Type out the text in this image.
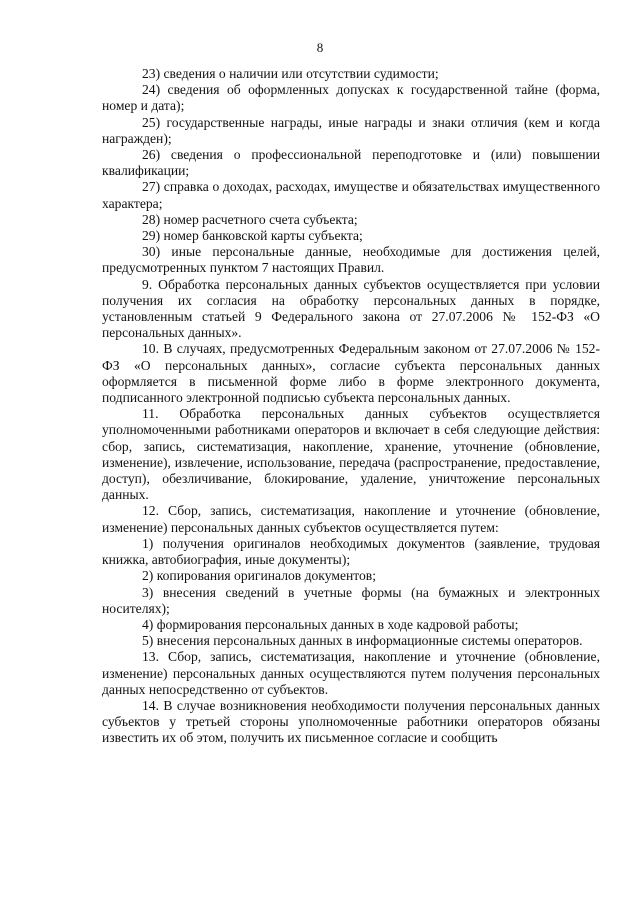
8

23) сведения о наличии или отсутствии судимости;

24) сведения об оформленных допусках к государственной тайне (форма, номер и дата);

25) государственные награды, иные награды и знаки отличия (кем и когда награжден);

26) сведения о профессиональной переподготовке и (или) повышении квалификации;

27) справка о доходах, расходах, имуществе и обязательствах имущественного характера;

28) номер расчетного счета субъекта;

29) номер банковской карты субъекта;

30) иные персональные данные, необходимые для достижения целей, предусмотренных пунктом 7 настоящих Правил.

9. Обработка персональных данных субъектов осуществляется при условии получения их согласия на обработку персональных данных в порядке, установленным статьей 9 Федерального закона от 27.07.2006 № 152-ФЗ «О персональных данных».

10. В случаях, предусмотренных Федеральным законом от 27.07.2006 № 152-ФЗ «О персональных данных», согласие субъекта персональных данных оформляется в письменной форме либо в форме электронного документа, подписанного электронной подписью субъекта персональных данных.

11. Обработка персональных данных субъектов осуществляется уполномоченными работниками операторов и включает в себя следующие действия: сбор, запись, систематизация, накопление, хранение, уточнение (обновление, изменение), извлечение, использование, передача (распространение, предоставление, доступ), обезличивание, блокирование, удаление, уничтожение персональных данных.

12. Сбор, запись, систематизация, накопление и уточнение (обновление, изменение) персональных данных субъектов осуществляется путем:

1) получения оригиналов необходимых документов (заявление, трудовая книжка, автобиография, иные документы);

2) копирования оригиналов документов;

3) внесения сведений в учетные формы (на бумажных и электронных носителях);

4) формирования персональных данных в ходе кадровой работы;

5) внесения персональных данных в информационные системы операторов.

13. Сбор, запись, систематизация, накопление и уточнение (обновление, изменение) персональных данных осуществляются путем получения персональных данных непосредственно от субъектов.

14. В случае возникновения необходимости получения персональных данных субъектов у третьей стороны уполномоченные работники операторов обязаны известить их об этом, получить их письменное согласие и сообщить
